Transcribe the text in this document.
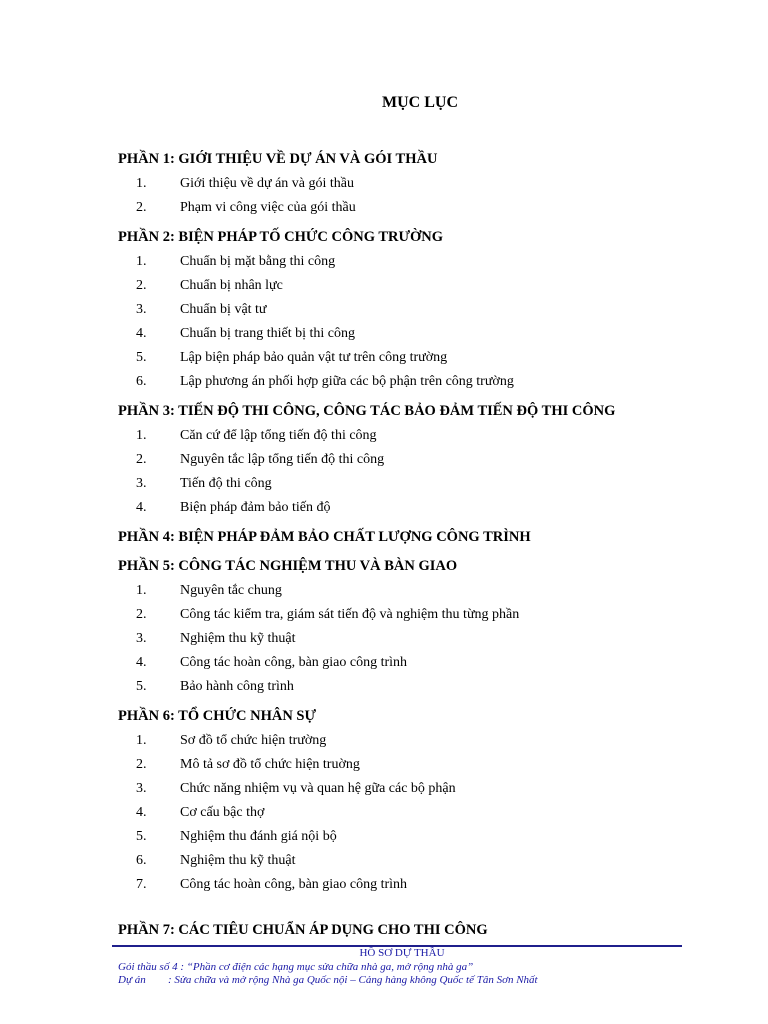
MỤC LỤC
PHẦN 1: GIỚI THIỆU VỀ DỰ ÁN VÀ GÓI THẦU
1.	Giới thiệu về dự án và gói thầu
2.	Phạm vi công việc của gói thầu
PHẦN 2: BIỆN PHÁP TỐ CHỨC CÔNG TRƯỜNG
1.	Chuẩn bị mặt bằng thi công
2.	Chuẩn bị nhân lực
3.	Chuẩn bị vật tư
4.	Chuẩn bị trang thiết bị thi công
5.	Lập biện pháp bảo quản vật tư trên công trường
6.	Lập phương án phối hợp giữa các bộ phận trên công trường
PHẦN 3: TIẾN ĐỘ THI CÔNG, CÔNG TÁC BẢO ĐẢM TIẾN ĐỘ THI CÔNG
1.	Căn cứ để lập tổng tiến độ thi công
2.	Nguyên tắc lập tổng tiến độ thi công
3.	Tiến độ thi công
4.	Biện pháp đảm bảo tiến độ
PHẦN 4: BIỆN PHÁP ĐẢM BẢO CHẤT LƯỢNG CÔNG TRÌNH
PHẦN 5: CÔNG TÁC NGHIỆM THU VÀ BÀN GIAO
1.	Nguyên tắc chung
2.	Công tác kiểm tra, giám sát tiến độ và nghiệm thu từng phần
3.	Nghiệm thu kỹ thuật
4.	Công tác hoàn công, bàn giao công trình
5.	Bảo hành công trình
PHẦN 6: TỔ CHỨC NHÂN SỰ
1.	Sơ đồ tổ chức hiện trường
2.	Mô tả sơ đồ tổ chức hiện truờng
3.	Chức năng nhiệm vụ và quan hệ gữa các bộ phận
4.	Cơ cấu bậc thợ
5.	Nghiệm thu đánh giá nội bộ
6.	Nghiệm thu kỹ thuật
7.	Công tác hoàn công, bàn giao công trình
PHẦN 7: CÁC TIÊU CHUẨN ÁP DỤNG CHO THI CÔNG

HỒ SƠ DỰ THẦU

Gói thầu số 4 : “Phần cơ điện các hạng mục sửa chữa nhà ga, mở rộng nhà ga”

Dự án : Sửa chữa và mở rộng Nhà ga Quốc nội – Cảng hàng không Quốc tế Tân Sơn Nhất
